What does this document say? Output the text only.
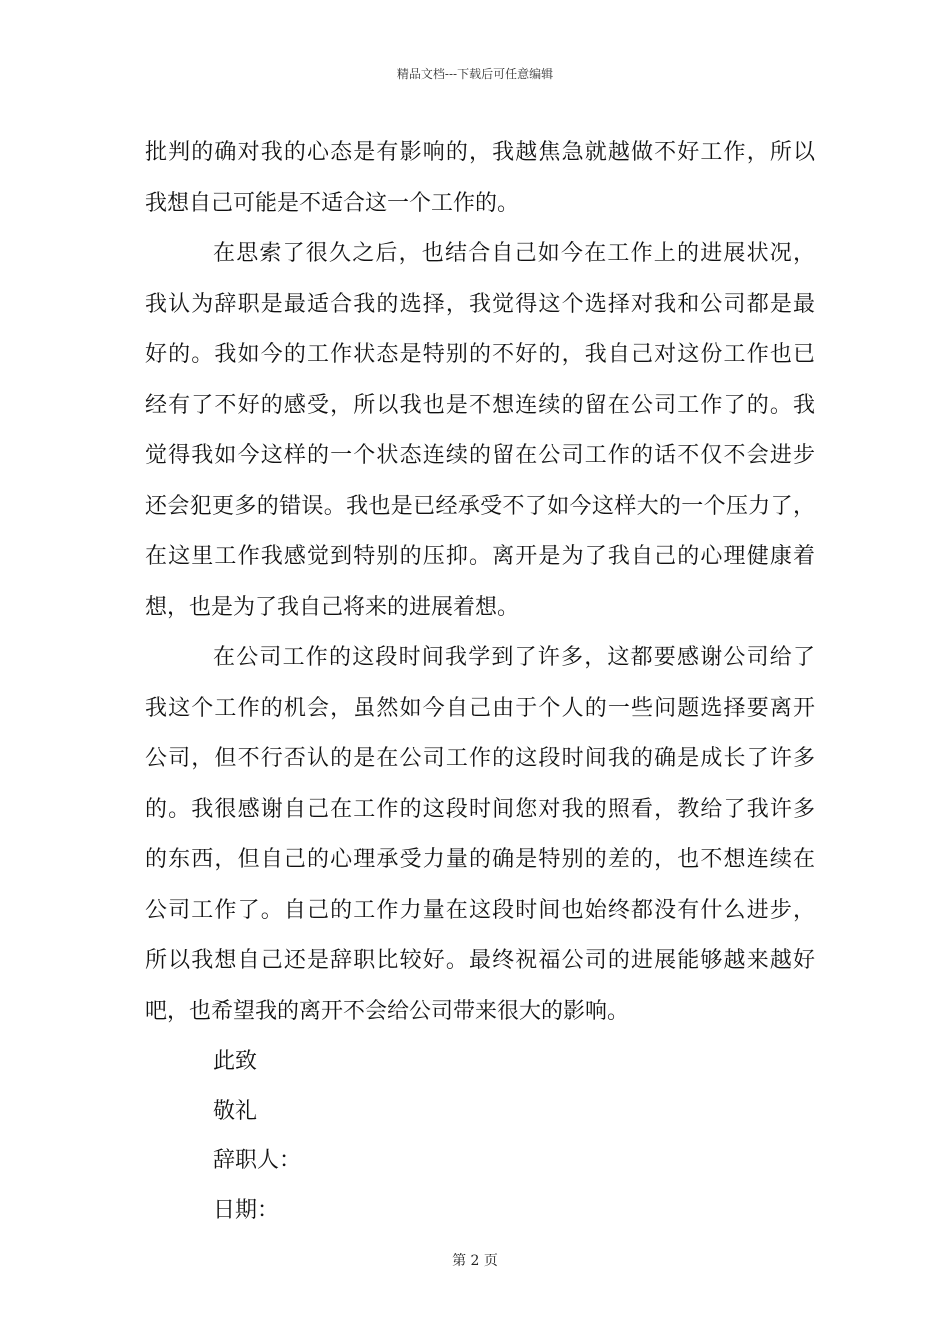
精品文档---下载后可任意编辑
批判的确对我的心态是有影响的，我越焦急就越做不好工作，所以
我想自己可能是不适合这一个工作的。
在思索了很久之后，也结合自己如今在工作上的进展状况，
我认为辞职是最适合我的选择，我觉得这个选择对我和公司都是最
好的。我如今的工作状态是特别的不好的，我自己对这份工作也已
经有了不好的感受，所以我也是不想连续的留在公司工作了的。我
觉得我如今这样的一个状态连续的留在公司工作的话不仅不会进步
还会犯更多的错误。我也是已经承受不了如今这样大的一个压力了，
在这里工作我感觉到特别的压抑。离开是为了我自己的心理健康着
想，也是为了我自己将来的进展着想。
在公司工作的这段时间我学到了许多，这都要感谢公司给了
我这个工作的机会，虽然如今自己由于个人的一些问题选择要离开
公司，但不行否认的是在公司工作的这段时间我的确是成长了许多
的。我很感谢自己在工作的这段时间您对我的照看，教给了我许多
的东西，但自己的心理承受力量的确是特别的差的，也不想连续在
公司工作了。自己的工作力量在这段时间也始终都没有什么进步，
所以我想自己还是辞职比较好。最终祝福公司的进展能够越来越好
吧，也希望我的离开不会给公司带来很大的影响。
此致
敬礼
辞职人：
日期：
第 2 页
